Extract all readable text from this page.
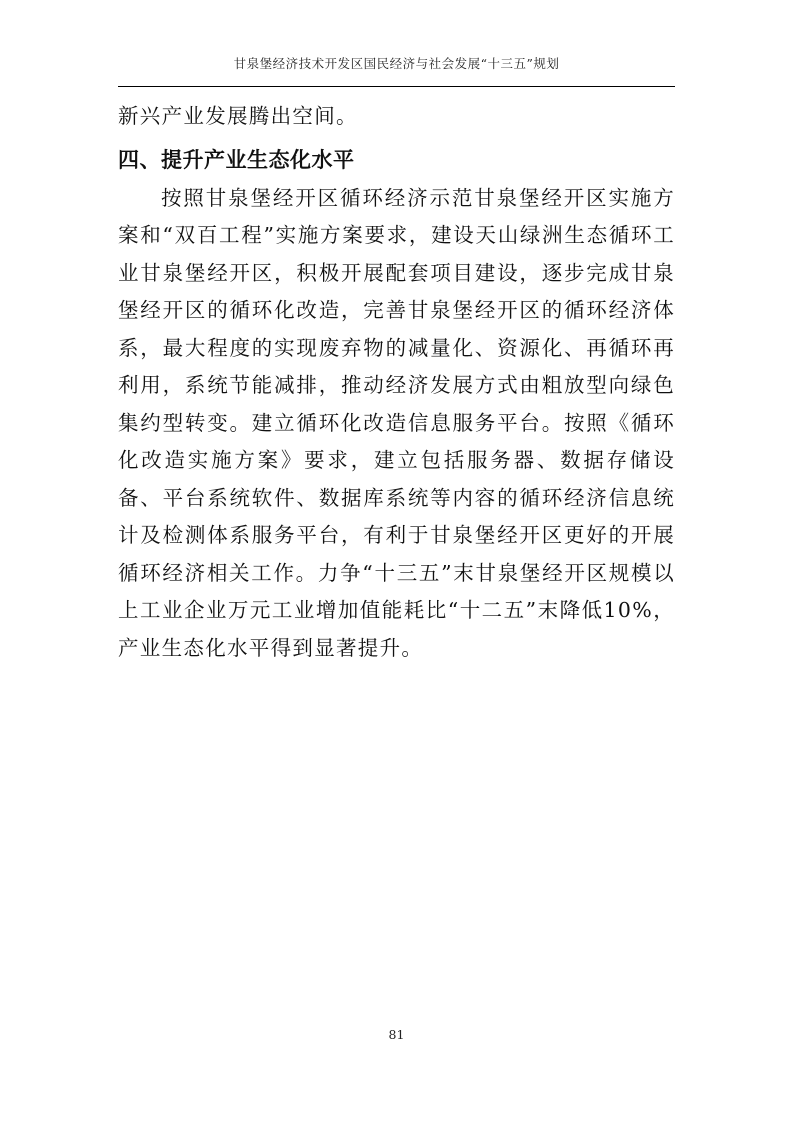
甘泉堡经济技术开发区国民经济与社会发展“十三五”规划

新兴产业发展腾出空间。

四、提升产业生态化水平

按照甘泉堡经开区循环经济示范甘泉堡经开区实施方案和“双百工程”实施方案要求，建设天山绿洲生态循环工业甘泉堡经开区，积极开展配套项目建设，逐步完成甘泉堡经开区的循环化改造，完善甘泉堡经开区的循环经济体系，最大程度的实现废弃物的减量化、资源化、再循环再利用，系统节能减排，推动经济发展方式由粗放型向绿色集约型转变。建立循环化改造信息服务平台。按照《循环化改造实施方案》要求，建立包括服务器、数据存储设备、平台系统软件、数据库系统等内容的循环经济信息统计及检测体系服务平台，有利于甘泉堡经开区更好的开展循环经济相关工作。力争“十三五”末甘泉堡经开区规模以上工业企业万元工业增加值能耗比“十二五”末降低10%，产业生态化水平得到显著提升。

81
